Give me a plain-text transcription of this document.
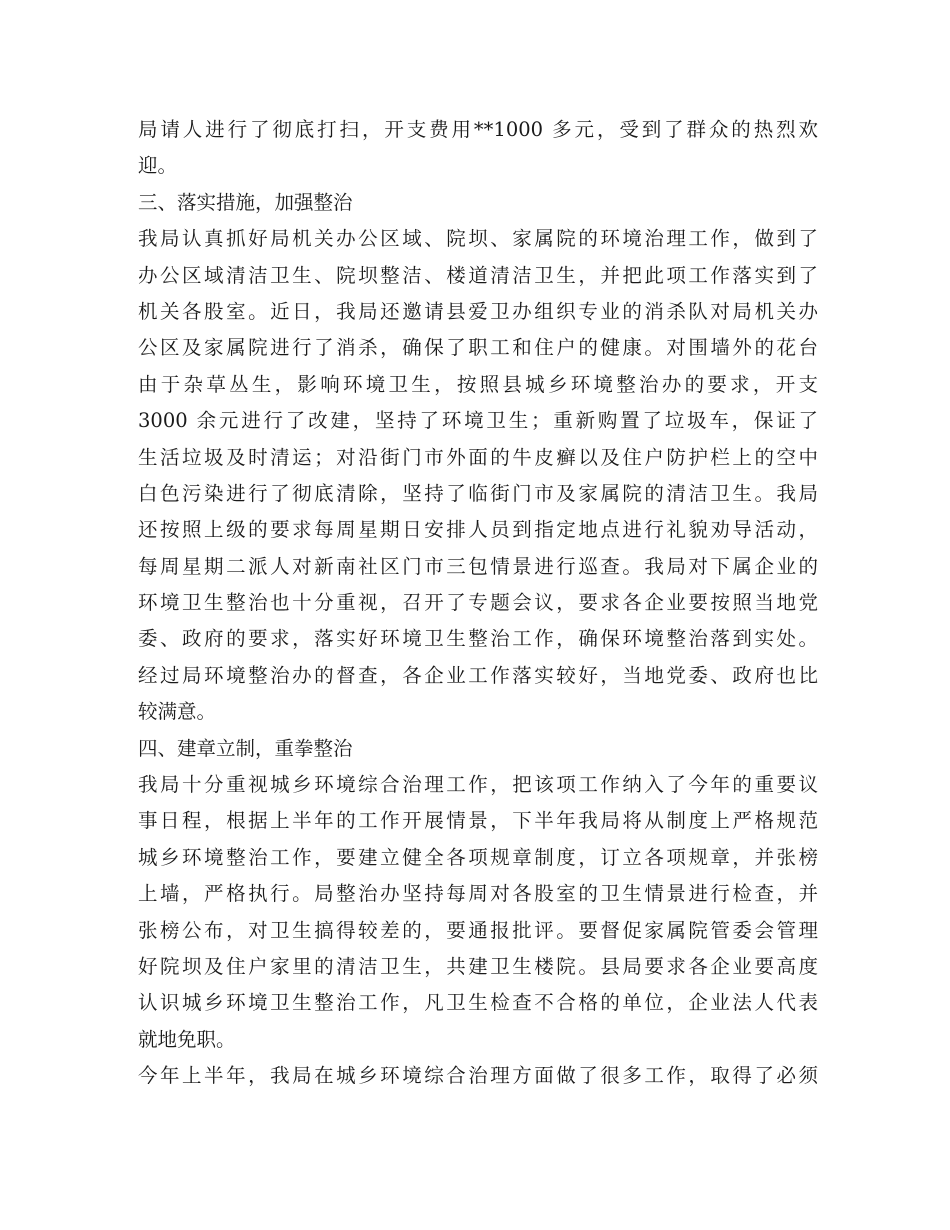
局请人进行了彻底打扫，开支费用**1000 多元，受到了群众的热烈欢
迎。
三、落实措施，加强整治
我局认真抓好局机关办公区域、院坝、家属院的环境治理工作，做到了
办公区域清洁卫生、院坝整洁、楼道清洁卫生，并把此项工作落实到了
机关各股室。近日，我局还邀请县爱卫办组织专业的消杀队对局机关办
公区及家属院进行了消杀，确保了职工和住户的健康。对围墙外的花台
由于杂草丛生，影响环境卫生，按照县城乡环境整治办的要求，开支
3000 余元进行了改建，坚持了环境卫生；重新购置了垃圾车，保证了
生活垃圾及时清运；对沿街门市外面的牛皮癣以及住户防护栏上的空中
白色污染进行了彻底清除，坚持了临街门市及家属院的清洁卫生。我局
还按照上级的要求每周星期日安排人员到指定地点进行礼貌劝导活动，
每周星期二派人对新南社区门市三包情景进行巡查。我局对下属企业的
环境卫生整治也十分重视，召开了专题会议，要求各企业要按照当地党
委、政府的要求，落实好环境卫生整治工作，确保环境整治落到实处。
经过局环境整治办的督查，各企业工作落实较好，当地党委、政府也比
较满意。
四、建章立制，重拳整治
我局十分重视城乡环境综合治理工作，把该项工作纳入了今年的重要议
事日程，根据上半年的工作开展情景，下半年我局将从制度上严格规范
城乡环境整治工作，要建立健全各项规章制度，订立各项规章，并张榜
上墙，严格执行。局整治办坚持每周对各股室的卫生情景进行检查，并
张榜公布，对卫生搞得较差的，要通报批评。要督促家属院管委会管理
好院坝及住户家里的清洁卫生，共建卫生楼院。县局要求各企业要高度
认识城乡环境卫生整治工作，凡卫生检查不合格的单位，企业法人代表
就地免职。
今年上半年，我局在城乡环境综合治理方面做了很多工作，取得了必须
